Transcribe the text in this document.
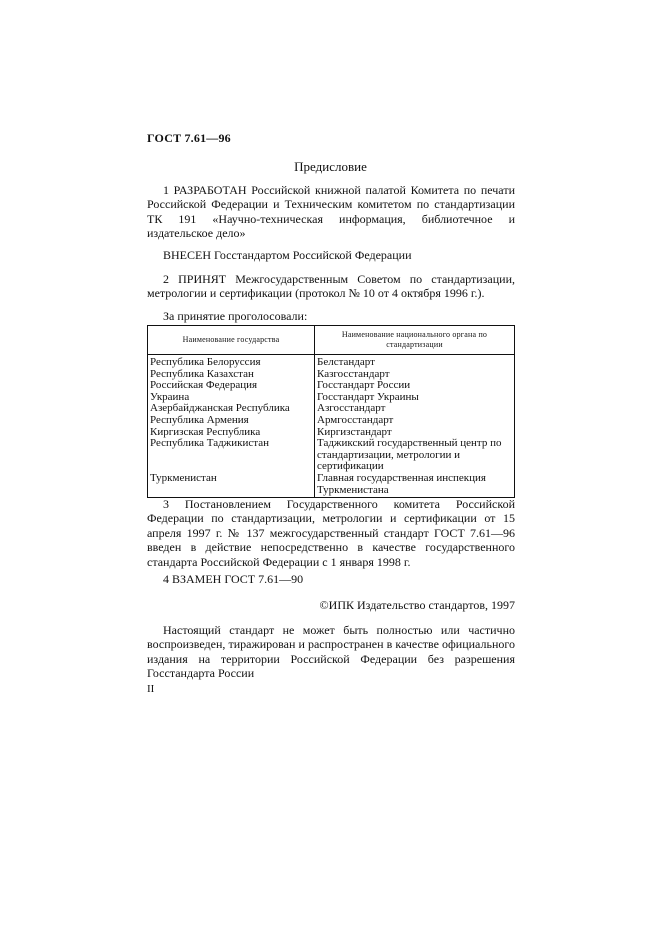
ГОСТ 7.61—96
Предисловие
1 РАЗРАБОТАН Российской книжной палатой Комитета по печати Российской Федерации и Техническим комитетом по стандартизации ТК 191 «Научно-техническая информация, библиотечное и издательское дело»
ВНЕСЕН Госстандартом Российской Федерации
2 ПРИНЯТ Межгосударственным Советом по стандартизации, метрологии и сертификации (протокол № 10 от 4 октября 1996 г.).
За принятие проголосовали:
Наименование государства	Наименование национального органа по стандартизации
Республика Белоруссия	Белстандарт
Республика Казахстан	Казгосстандарт
Российская Федерация	Госстандарт России
Украина	Госстандарт Украины
Азербайджанская Республика	Азгосстандарт
Республика Армения	Армгосстандарт
Киргизская Республика	Киргизстандарт
Республика Таджикистан	Таджикский государственный центр по стандартизации, метрологии и сертификации
Туркменистан	Главная государственная инспекция Туркменистана
3 Постановлением Государственного комитета Российской Федерации по стандартизации, метрологии и сертификации от 15 апреля 1997 г. № 137 межгосударственный стандарт ГОСТ 7.61—96 введен в действие непосредственно в качестве государственного стандарта Российской Федерации с 1 января 1998 г.
4 ВЗАМЕН ГОСТ 7.61—90
©ИПК Издательство стандартов, 1997
Настоящий стандарт не может быть полностью или частично воспроизведен, тиражирован и распространен в качестве официального издания на территории Российской Федерации без разрешения Госстандарта России
II
